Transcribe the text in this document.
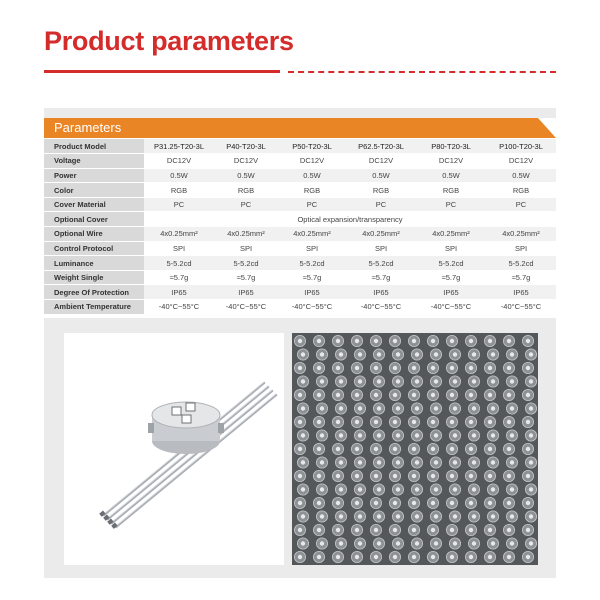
Product parameters
Parameters
Product Model	P31.25-T20-3L	P40-T20-3L	P50-T20-3L	P62.5-T20-3L	P80-T20-3L	P100-T20-3L
Voltage	DC12V	DC12V	DC12V	DC12V	DC12V	DC12V
Power	0.5W	0.5W	0.5W	0.5W	0.5W	0.5W
Color	RGB	RGB	RGB	RGB	RGB	RGB
Cover Material	PC	PC	PC	PC	PC	PC
Optional Cover	Optical expansion/transparency					
Optional Wire	4x0.25mm²	4x0.25mm²	4x0.25mm²	4x0.25mm²	4x0.25mm²	4x0.25mm²
Control Protocol	SPI	SPI	SPI	SPI	SPI	SPI
Luminance	5-5.2cd	5-5.2cd	5-5.2cd	5-5.2cd	5-5.2cd	5-5.2cd
Weight Single	≈5.7g	≈5.7g	≈5.7g	≈5.7g	≈5.7g	≈5.7g
Degree Of Protection	IP65	IP65	IP65	IP65	IP65	IP65
Ambient Temperature	-40°C~55°C	-40°C~55°C	-40°C~55°C	-40°C~55°C	-40°C~55°C	-40°C~55°C
